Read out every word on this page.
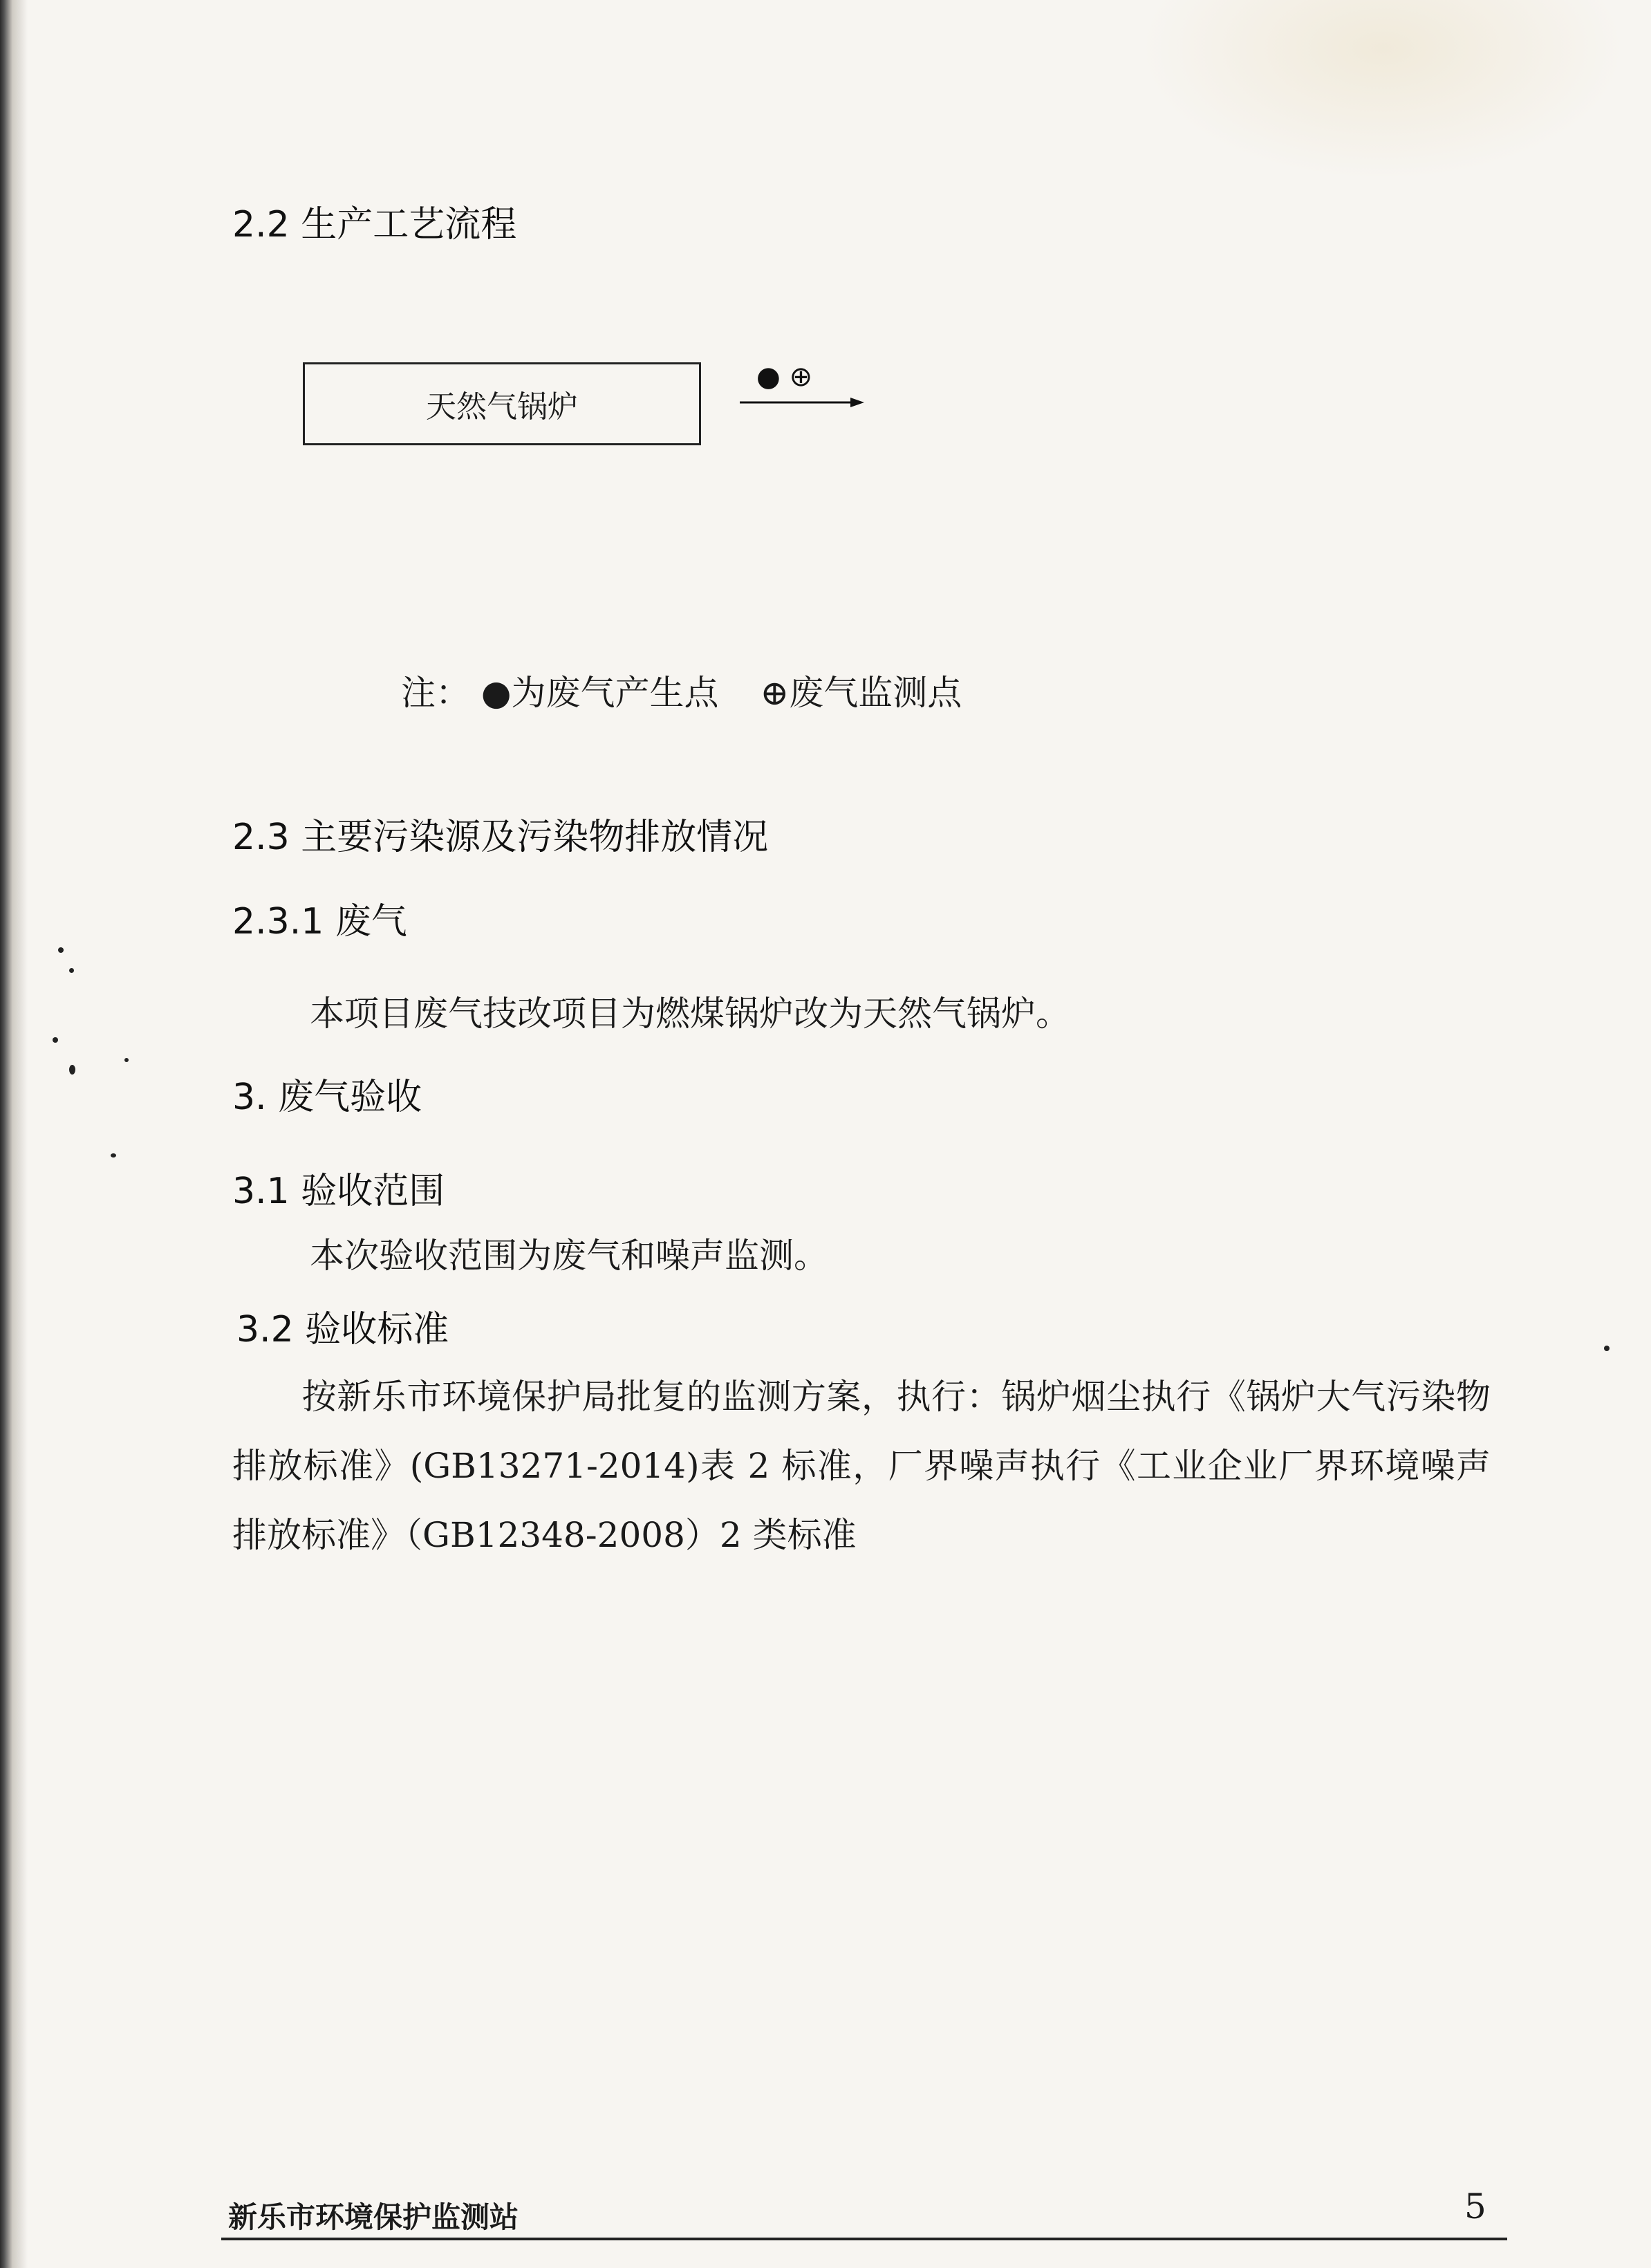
2.2 生产工艺流程
天然气锅炉
● ⊕
注： ●为废气产生点 ⊕废气监测点
2.3 主要污染源及污染物排放情况
2.3.1 废气
本项目废气技改项目为燃煤锅炉改为天然气锅炉。
3. 废气验收
3.1 验收范围
本次验收范围为废气和噪声监测。
3.2 验收标准
按新乐市环境保护局批复的监测方案，执行：锅炉烟尘执行《锅炉大气污染物排放标准》(GB13271-2014)表 2 标准，厂界噪声执行《工业企业厂界环境噪声排放标准》（GB12348-2008）2 类标准
新乐市环境保护监测站	5
